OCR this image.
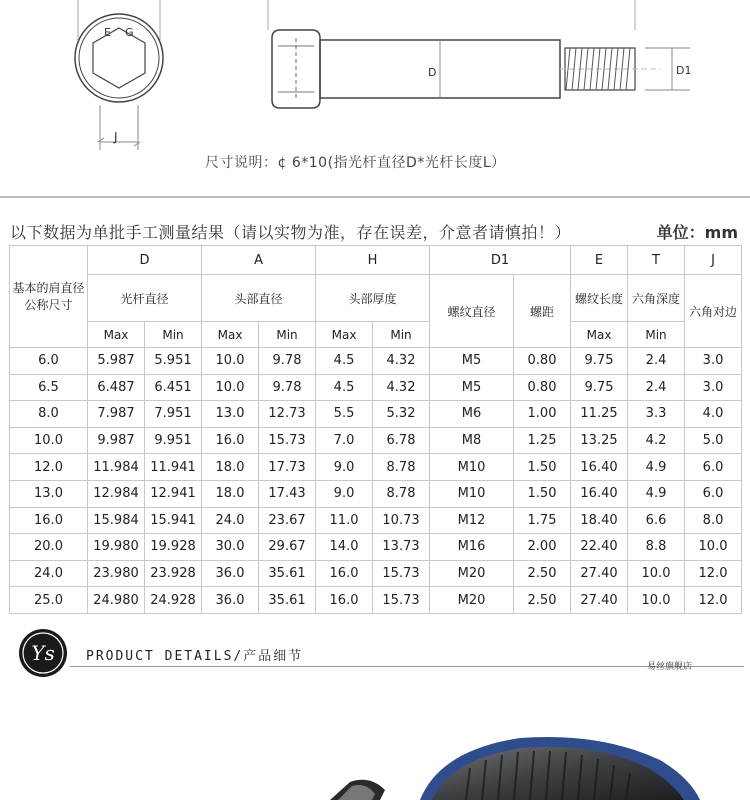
E G
J
D	D1
尺寸说明：¢ 6*10(指光杆直径D*光杆长度L）
以下数据为单批手工测量结果（请以实物为准，存在误差，介意者请慎拍！）	单位：mm
基本的肩直径公称尺寸	D		A		H		D1		E	T	J
	光杆直径		头部直径		头部厚度		螺纹直径	螺距	螺纹长度	六角深度	六角对边
	Max	Min	Max	Min	Max	Min			Max	Min	
6.0	5.987	5.951	10.0	9.78	4.5	4.32	M5	0.80	9.75	2.4	3.0
6.5	6.487	6.451	10.0	9.78	4.5	4.32	M5	0.80	9.75	2.4	3.0
8.0	7.987	7.951	13.0	12.73	5.5	5.32	M6	1.00	11.25	3.3	4.0
10.0	9.987	9.951	16.0	15.73	7.0	6.78	M8	1.25	13.25	4.2	5.0
12.0	11.984	11.941	18.0	17.73	9.0	8.78	M10	1.50	16.40	4.9	6.0
13.0	12.984	12.941	18.0	17.43	9.0	8.78	M10	1.50	16.40	4.9	6.0
16.0	15.984	15.941	24.0	23.67	11.0	10.73	M12	1.75	18.40	6.6	8.0
20.0	19.980	19.928	30.0	29.67	14.0	13.73	M16	2.00	22.40	8.8	10.0
24.0	23.980	23.928	36.0	35.61	16.0	15.73	M20	2.50	27.40	10.0	12.0
25.0	24.980	24.928	36.0	35.61	16.0	15.73	M20	2.50	27.40	10.0	12.0
Ys PRODUCT DETAILS/产品细节
易丝旗舰店
